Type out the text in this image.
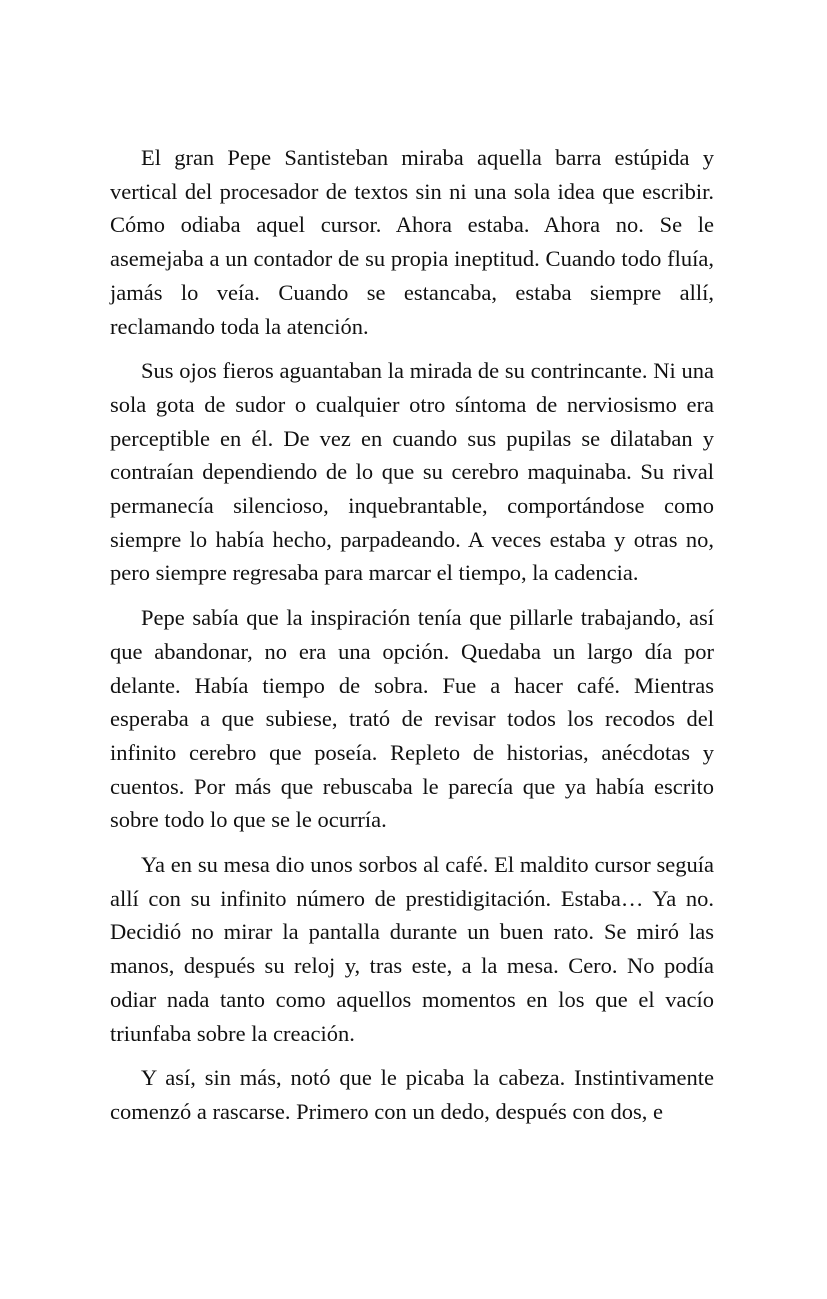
El gran Pepe Santisteban miraba aquella barra estúpida y vertical del procesador de textos sin ni una sola idea que escribir. Cómo odiaba aquel cursor. Ahora estaba. Ahora no. Se le asemejaba a un contador de su propia ineptitud. Cuando todo fluía, jamás lo veía. Cuando se estancaba, estaba siempre allí, reclamando toda la atención.

Sus ojos fieros aguantaban la mirada de su contrincante. Ni una sola gota de sudor o cualquier otro síntoma de nerviosismo era perceptible en él. De vez en cuando sus pupilas se dilataban y contraían dependiendo de lo que su cerebro maquinaba. Su rival permanecía silencioso, inquebrantable, comportándose como siempre lo había hecho, parpadeando. A veces estaba y otras no, pero siempre regresaba para marcar el tiempo, la cadencia.

Pepe sabía que la inspiración tenía que pillarle trabajando, así que abandonar, no era una opción. Quedaba un largo día por delante. Había tiempo de sobra. Fue a hacer café. Mientras esperaba a que subiese, trató de revisar todos los recodos del infinito cerebro que poseía. Repleto de historias, anécdotas y cuentos. Por más que rebuscaba le parecía que ya había escrito sobre todo lo que se le ocurría.

Ya en su mesa dio unos sorbos al café. El maldito cursor seguía allí con su infinito número de prestidigitación. Estaba… Ya no. Decidió no mirar la pantalla durante un buen rato. Se miró las manos, después su reloj y, tras este, a la mesa. Cero. No podía odiar nada tanto como aquellos momentos en los que el vacío triunfaba sobre la creación.

Y así, sin más, notó que le picaba la cabeza. Instintivamente comenzó a rascarse. Primero con un dedo, después con dos, e
